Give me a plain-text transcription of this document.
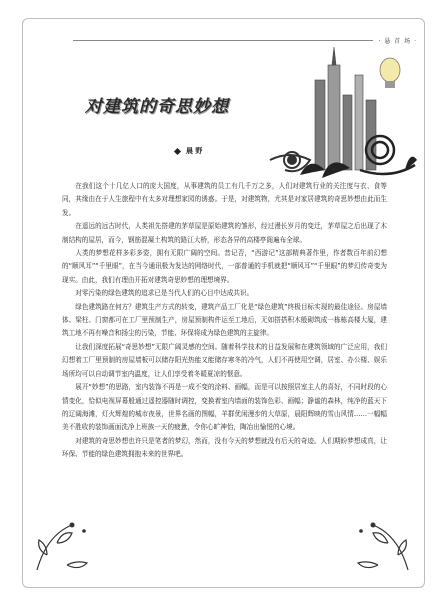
· 悬 首 场 ·
对建筑的奇思妙想
晨 野

在我们这个十几亿人口的庞大国度，从事建筑的员工有几千万之多，人们对建筑行业的关注度与衣、食等同，其缘由在于人生旅程中有太多对理想家园的诱惑。于是，对建筑物，尤其是对家居建筑的奇思妙想由此而生发。

在遥远的远古时代，人类祖先搭建的茅草屋是原始建筑的雏形，经过漫长岁月的变迁，茅草屋之后出现了木制结构的屋居，而今，钢筋混凝土构筑的路江大桥，形态各异的高楼亭阁遍布全球。

人类的梦想花样多彩多姿，拥有无限广阔的空间。昔记否，“西游记”这部精典著作里，作者数百年前幻想的“顺风耳”“千里眼”，在当今通讯极为发达的网络时代，一部普通的手机就把“顺风耳”“千里眼”的梦幻传奇变为现实。由此，我们有理由开拓对建筑奇思妙想的理想境界。

对零污染的绿色建筑的追求已是当代人们的心目中达成共识。

绿色建筑路在何方？建筑生产方式的转变，建筑产品工厂化是“绿色建筑”终极目标实现的最佳途径。房屋墙体、梁柱、门窗都可在工厂里预制生产，房屋预制构件运至工地后，无如搭搭积木般砌筑成一栋栋高楼大厦，建筑工地不再有噪音和扬尘的污染，节能、环保将成为绿色建筑的主旋律。

让我们深度拓展“奇思妙想”无限广阔灵感的空间。随着科学技术的日益发展和在建筑领域的广泛应用，我们幻想着工厂里预制的房屋墙板可以储存阳光热能又能储存寒冬的冷气，人们不再使用空调，居室、办公楼、娱乐场所均可以自动调节室内温度，让人们享受着冬暖夏凉的惬意。

展开“妙想”的思路，室内装饰不再是一成不变的涂料、画幅，而是可以按照居室主人的喜好，不同时段的心情变化，恰似电视屏幕般通过遥控器随时调控，变换着室内墙面的装饰色彩、画幅；静谧的森林，纯净的蓝天下的辽阔海滩，灯火辉煌的城市夜景，世界名画的图幅，羊群优闲漫步的大草原，晨阳辉映的雪山风情……一幅幅美不胜收的装饰画面洗净上班族一天的疲惫，令你心旷神怡，陶冶出愉悦的心境。

对建筑的奇思妙想也许只是笔者的梦幻，然而，没有今天的梦想就没有后天的奇迹。人们期盼梦想成真，让环保、节能的绿色建筑拥抱未来的世界吧。
